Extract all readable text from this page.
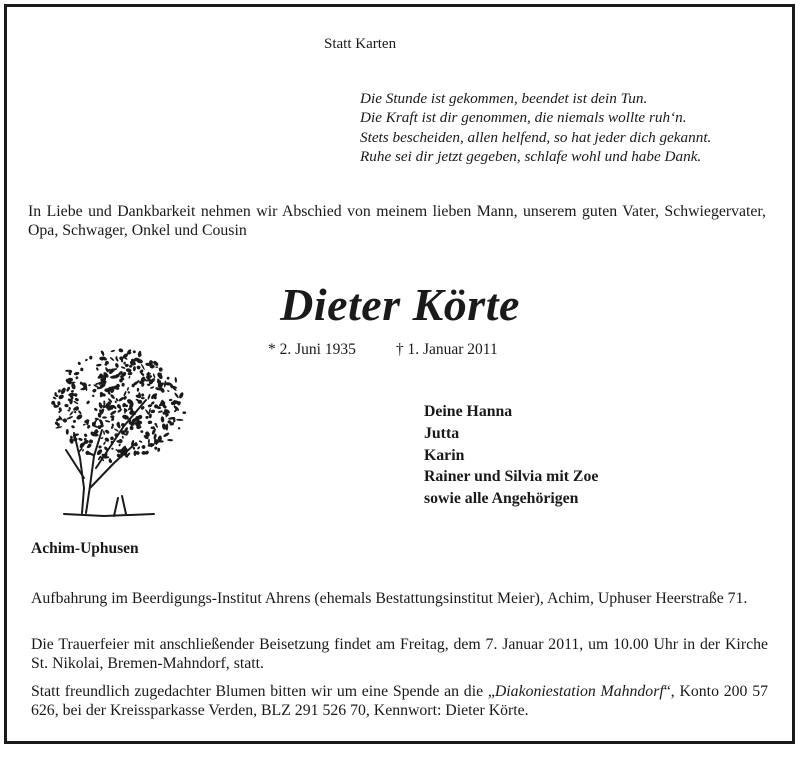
Statt Karten
Die Stunde ist gekommen, beendet ist dein Tun.
Die Kraft ist dir genommen, die niemals wollte ruh‘n.
Stets bescheiden, allen helfend, so hat jeder dich gekannt.
Ruhe sei dir jetzt gegeben, schlafe wohl und habe Dank.
In Liebe und Dankbarkeit nehmen wir Abschied von meinem lieben Mann, unserem guten Vater, Schwiegervater, Opa, Schwager, Onkel und Cousin
Dieter Körte
* 2. Juni 1935	† 1. Januar 2011
Deine Hanna
Jutta
Karin
Rainer und Silvia mit Zoe
sowie alle Angehörigen
Achim-Uphusen
Aufbahrung im Beerdigungs-Institut Ahrens (ehemals Bestattungsinstitut Meier), Achim, Uphuser Heerstraße 71.
Die Trauerfeier mit anschließender Beisetzung findet am Freitag, dem 7. Januar 2011, um 10.00 Uhr in der Kirche St. Nikolai, Bremen-Mahndorf, statt.
Statt freundlich zugedachter Blumen bitten wir um eine Spende an die „Diakoniestation Mahndorf“, Konto 200 57 626, bei der Kreissparkasse Verden, BLZ 291 526 70, Kennwort: Dieter Körte.
